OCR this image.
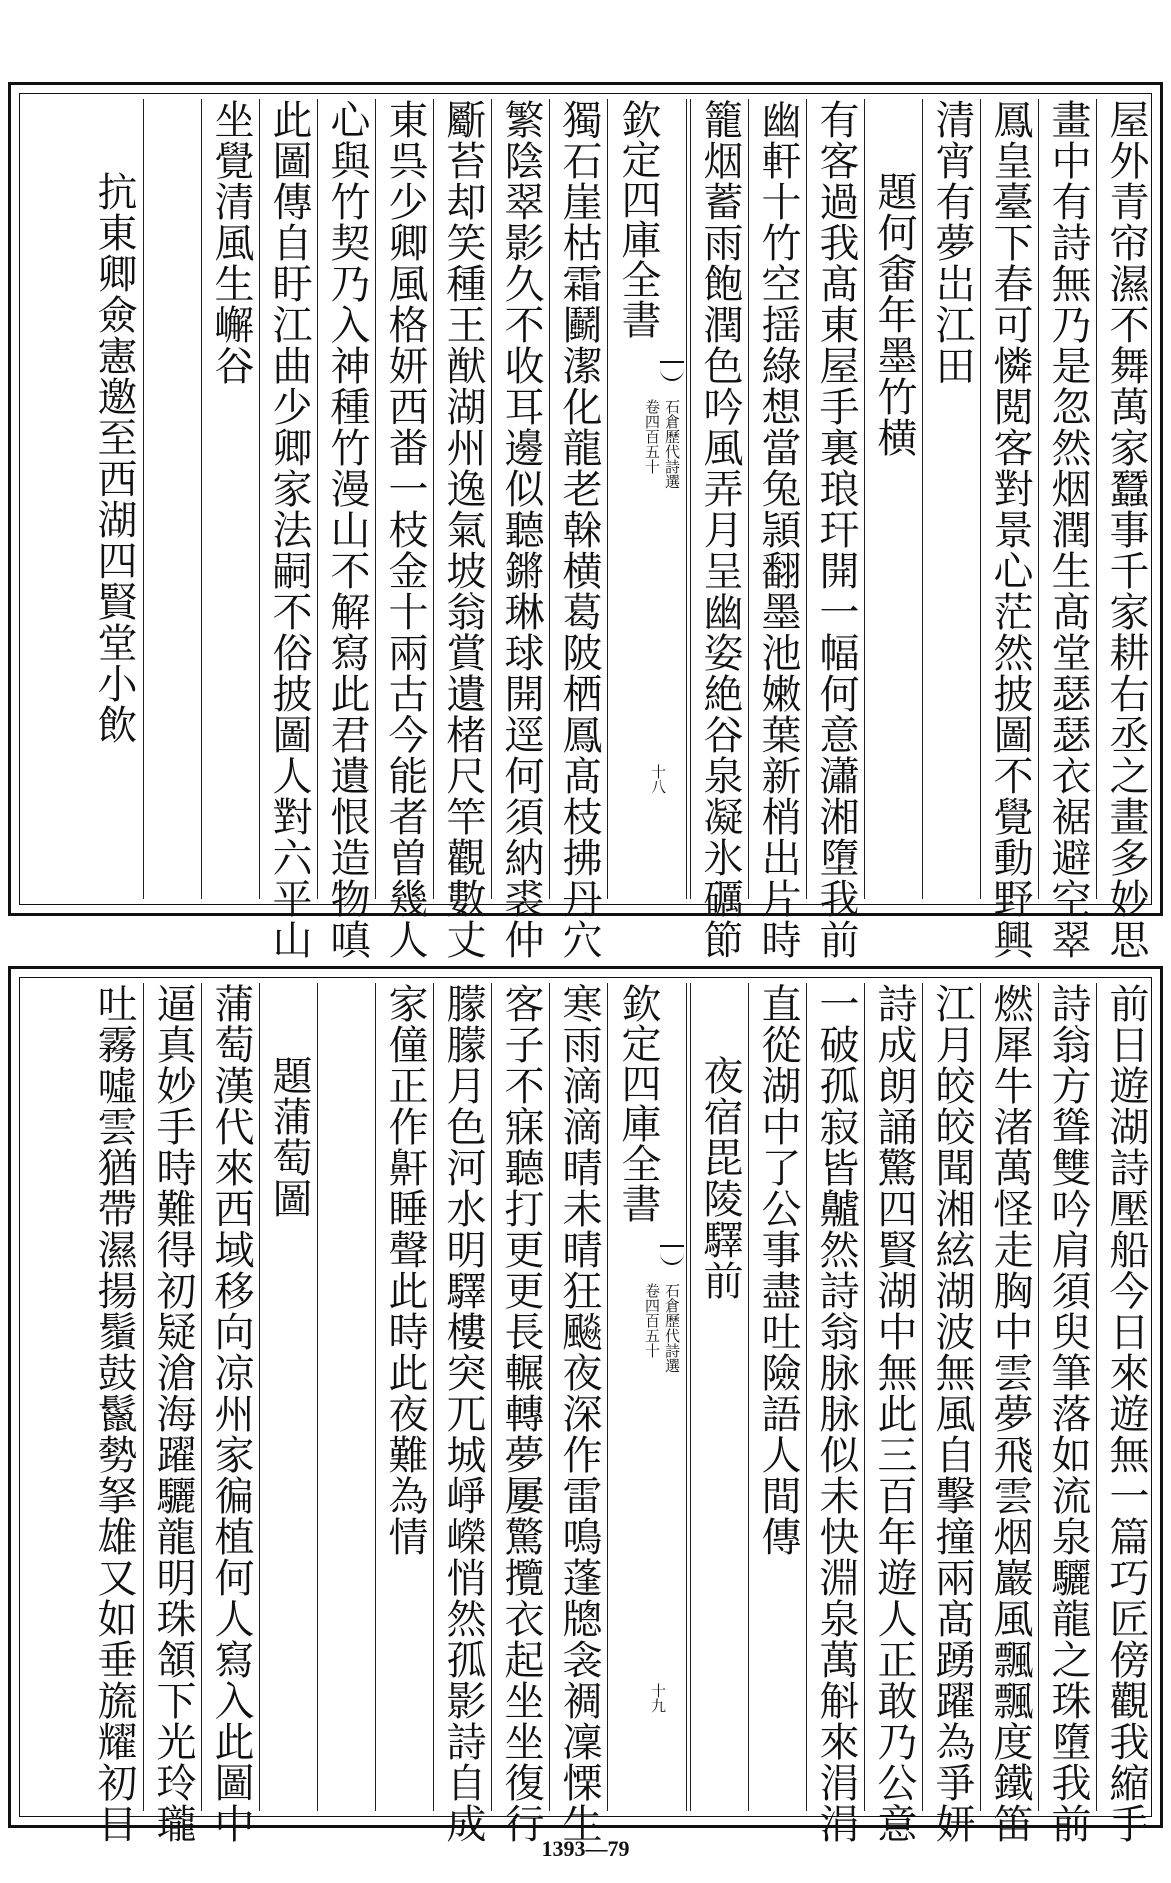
屋外青帘濕不舞萬家蠶事千家耕右丞之畫多妙思
畫中有詩無乃是忽然烟潤生髙堂瑟瑟衣裾避空翠
鳳皇臺下春可憐閲客對景心茫然披圖不覺動野興
清宵有夢岀江田
題何畬年墨竹横
有客過我髙東屋手裏琅玕開一幅何意瀟湘墮我前
幽軒十竹空揺綠想當兔頴翻墨池嫩葉新梢出片時
籠烟蓄雨飽潤色吟風弄月呈幽姿絶谷泉凝氷礪節
欽定四庫全書
石倉歷代詩選
卷四百五十
十八
獨石崖枯霜鬬潔化龍老榦横葛陂栖鳳髙枝拂丹穴
繁陰翠影久不收耳邊似聽鏘琳球開逕何須納裘仲
斸苔却笑種王猷湖州逸氣坡翁賞遺楮尺竿觀數丈
東呉少卿風格妍西畨一枝金十兩古今能者曽幾人
心與竹契乃入神種竹漫山不解寫此君遺恨造物嗔
此圖傳自盱江曲少卿家法嗣不俗披圖人對六平山
坐覺清風生嶰谷
抗東卿僉憲邀至西湖四賢堂小飲
前日遊湖詩壓船今日來遊無一篇巧匠傍觀我縮手
詩翁方聳雙吟肩須臾筆落如流泉驪龍之珠墮我前
燃犀牛渚萬怪走胸中雲夢飛雲烟巖風飄飄度鐵笛
江月皎皎聞湘絃湖波無風自擊撞兩髙踴躍為爭妍
詩成朗誦驚四賢湖中無此三百年遊人正敢乃公意
一破孤寂皆齇然詩翁脉脉似未快淵泉萬斛來涓涓
直從湖中了公事盡吐險語人間傳
夜宿毘陵驛前
欽定四庫全書
石倉歷代詩選
卷四百五十
十九
寒雨滴滴晴未晴狂飈夜深作雷鳴蓬牕衾裯凜慄生
客子不寐聽打更更長輾轉夢屢驚攬衣起坐坐復行
朦朦月色河水明驛樓突兀城崢嶸悄然孤影詩自成
家僮正作鼾睡聲此時此夜難為情
題蒲萄圖
蒲萄漢代來西域移向凉州家徧植何人寫入此圖中
逼真妙手時難得初疑滄海躍驪龍明珠頷下光玲瓏
吐霧噓雲猶帶濕揚鬚鼓鬣勢拏雄又如垂旒耀初日
1393—79
